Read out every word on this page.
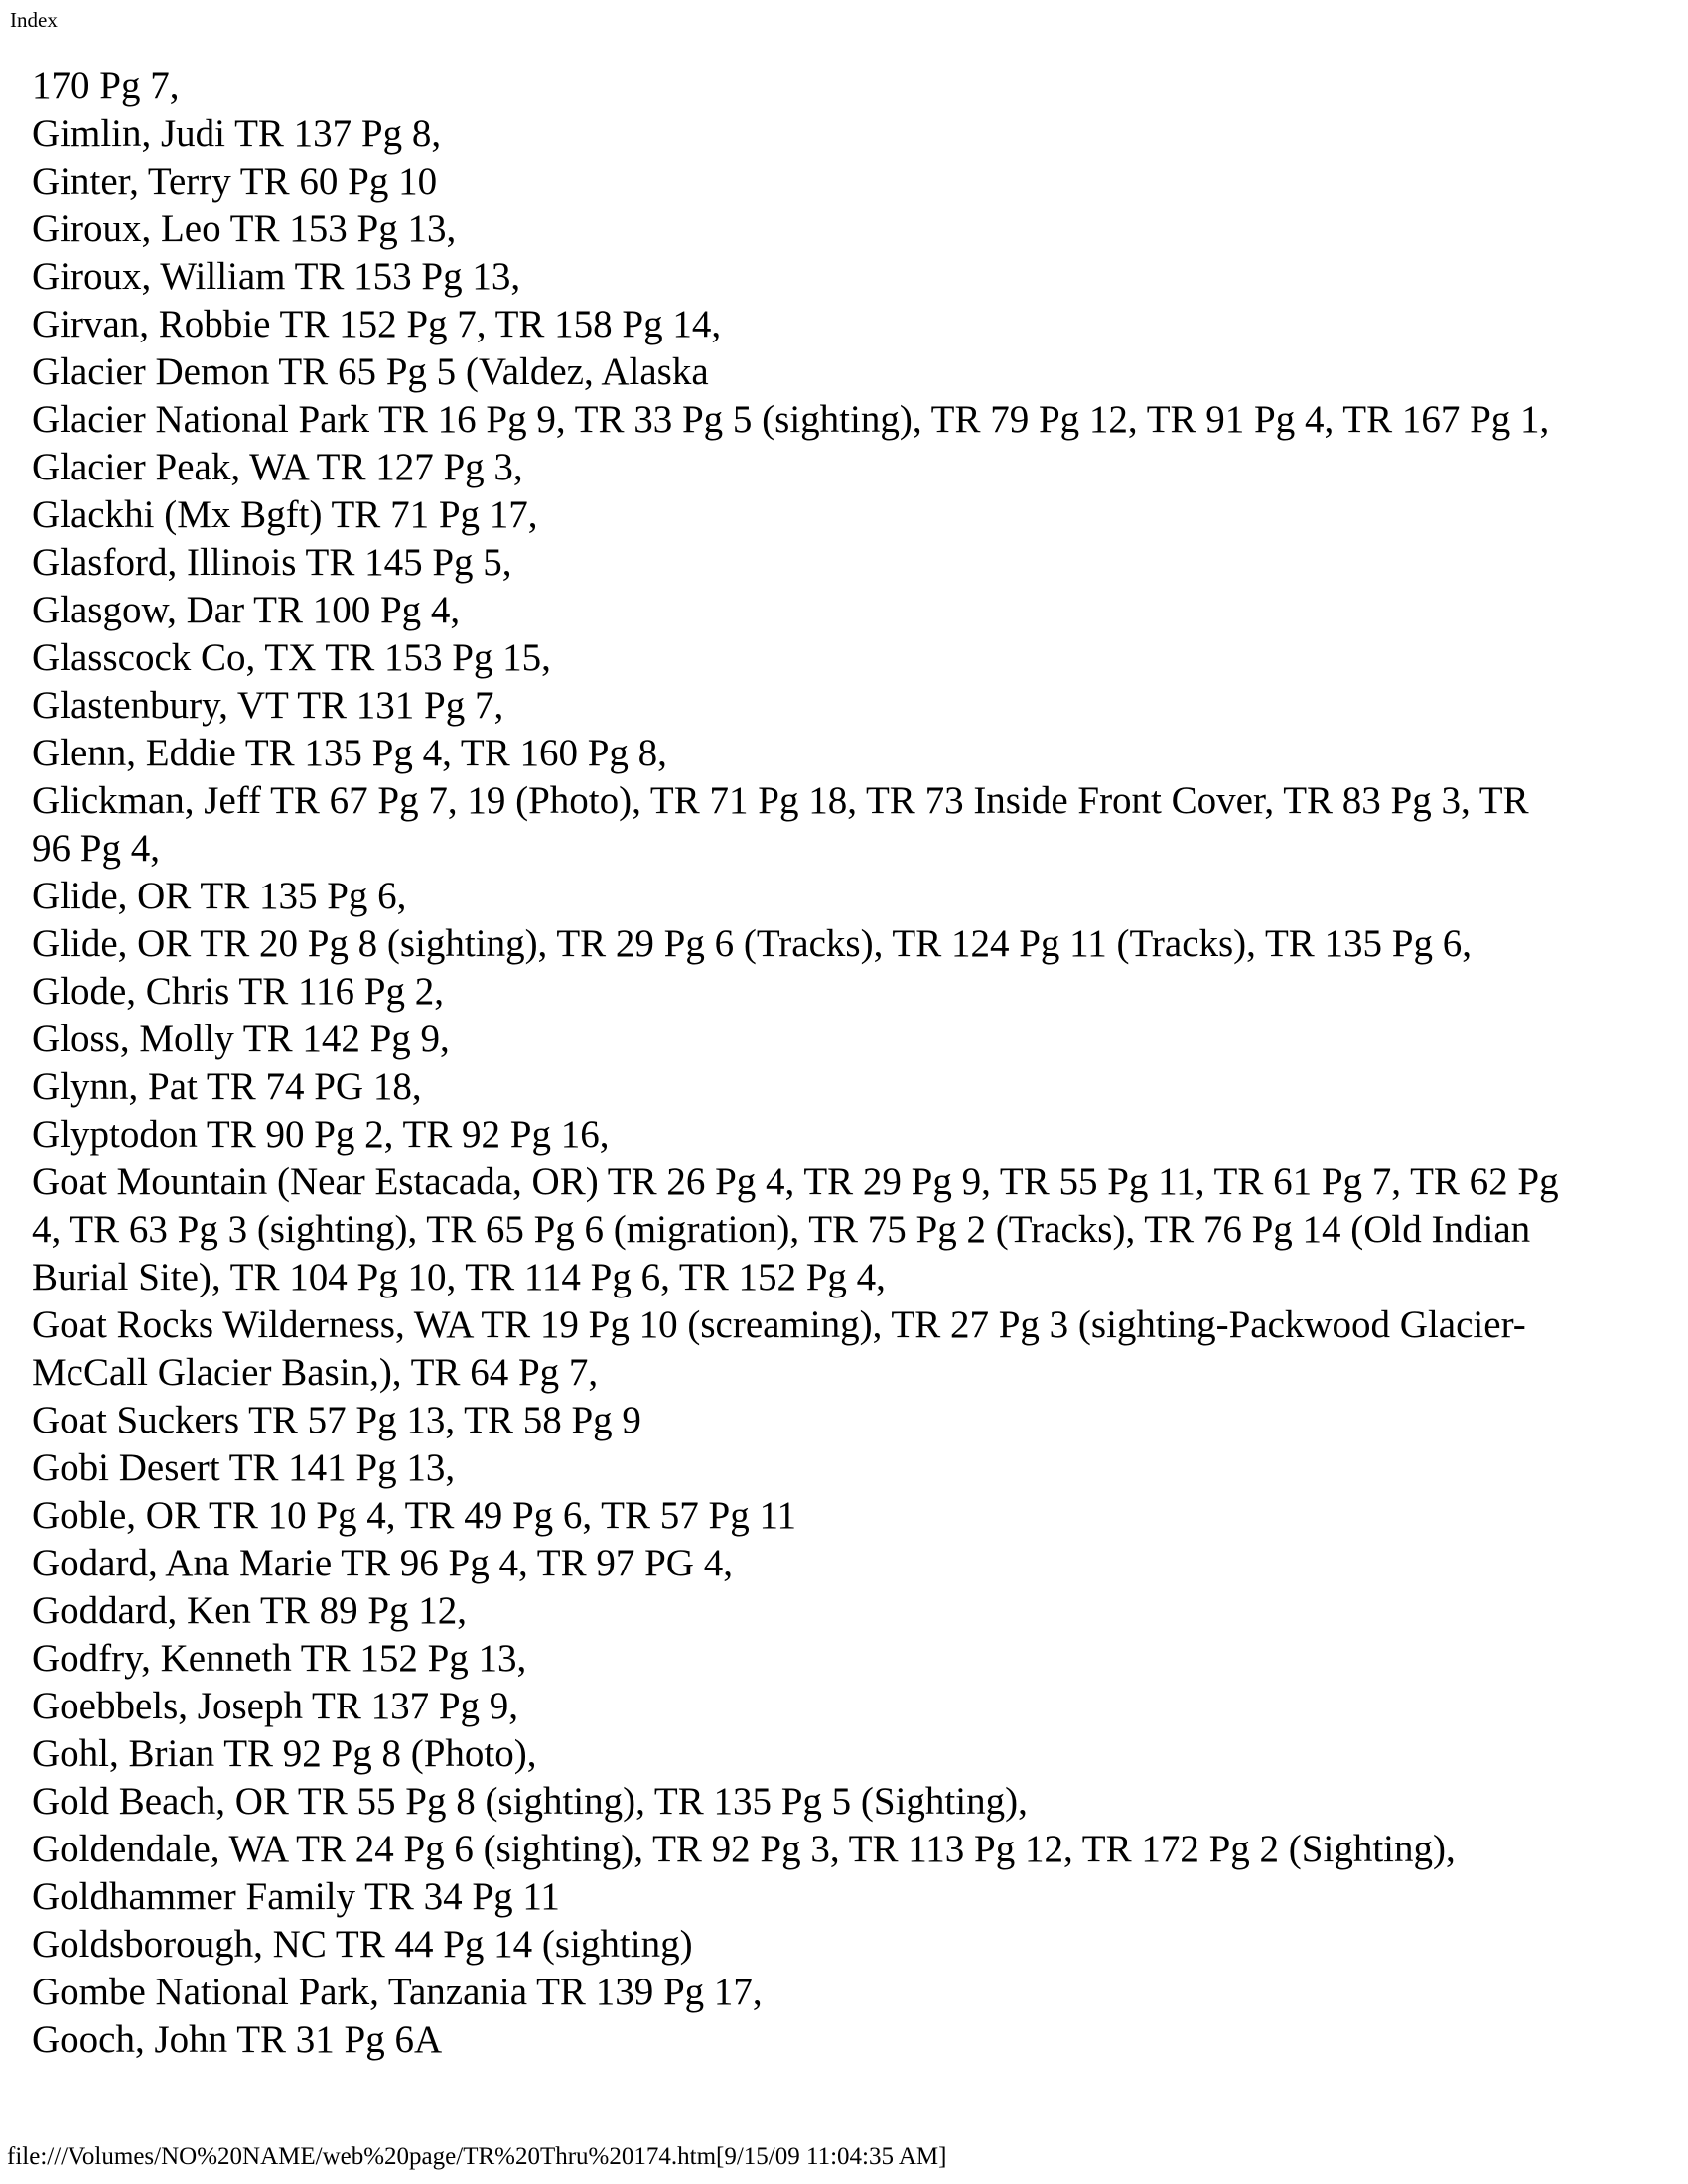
Index
170 Pg 7,
Gimlin, Judi TR 137 Pg 8,
Ginter, Terry TR 60 Pg 10
Giroux, Leo TR 153 Pg 13,
Giroux, William TR 153 Pg 13,
Girvan, Robbie TR 152 Pg 7, TR 158 Pg 14,
Glacier Demon TR 65 Pg 5 (Valdez, Alaska
Glacier National Park TR 16 Pg 9, TR 33 Pg 5 (sighting), TR 79 Pg 12, TR 91 Pg 4, TR 167 Pg 1,
Glacier Peak, WA TR 127 Pg 3,
Glackhi (Mx Bgft) TR 71 Pg 17,
Glasford, Illinois TR 145 Pg 5,
Glasgow, Dar TR 100 Pg 4,
Glasscock Co, TX TR 153 Pg 15,
Glastenbury, VT TR 131 Pg 7,
Glenn, Eddie TR 135 Pg 4, TR 160 Pg 8,
Glickman, Jeff TR 67 Pg 7, 19 (Photo), TR 71 Pg 18, TR 73 Inside Front Cover, TR 83 Pg 3, TR
96 Pg 4,
Glide, OR TR 135 Pg 6,
Glide, OR TR 20 Pg 8 (sighting), TR 29 Pg 6 (Tracks), TR 124 Pg 11 (Tracks), TR 135 Pg 6,
Glode, Chris TR 116 Pg 2,
Gloss, Molly TR 142 Pg 9,
Glynn, Pat TR 74 PG 18,
Glyptodon TR 90 Pg 2, TR 92 Pg 16,
Goat Mountain (Near Estacada, OR) TR 26 Pg 4, TR 29 Pg 9, TR 55 Pg 11, TR 61 Pg 7, TR 62 Pg
4, TR 63 Pg 3 (sighting), TR 65 Pg 6 (migration), TR 75 Pg 2 (Tracks), TR 76 Pg 14 (Old Indian
Burial Site), TR 104 Pg 10, TR 114 Pg 6, TR 152 Pg 4,
Goat Rocks Wilderness, WA TR 19 Pg 10 (screaming), TR 27 Pg 3 (sighting-Packwood Glacier-
McCall Glacier Basin,), TR 64 Pg 7,
Goat Suckers TR 57 Pg 13, TR 58 Pg 9
Gobi Desert TR 141 Pg 13,
Goble, OR TR 10 Pg 4, TR 49 Pg 6, TR 57 Pg 11
Godard, Ana Marie TR 96 Pg 4, TR 97 PG 4,
Goddard, Ken TR 89 Pg 12,
Godfry, Kenneth TR 152 Pg 13,
Goebbels, Joseph TR 137 Pg 9,
Gohl, Brian TR 92 Pg 8 (Photo),
Gold Beach, OR TR 55 Pg 8 (sighting), TR 135 Pg 5 (Sighting),
Goldendale, WA TR 24 Pg 6 (sighting), TR 92 Pg 3, TR 113 Pg 12, TR 172 Pg 2 (Sighting),
Goldhammer Family TR 34 Pg 11
Goldsborough, NC TR 44 Pg 14 (sighting)
Gombe National Park, Tanzania TR 139 Pg 17,
Gooch, John TR 31 Pg 6A
file:///Volumes/NO%20NAME/web%20page/TR%20Thru%20174.htm[9/15/09 11:04:35 AM]
